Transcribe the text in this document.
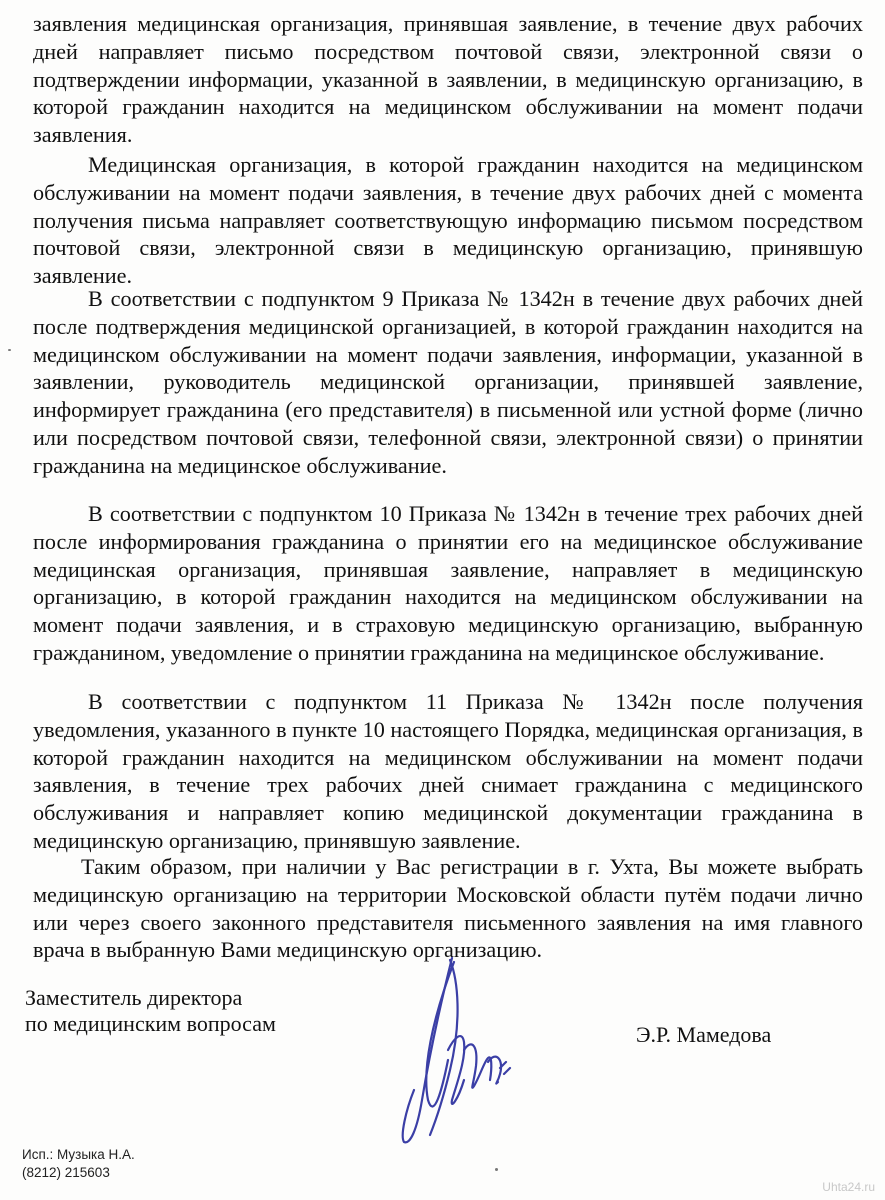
заявления медицинская организация, принявшая заявление, в течение двух рабочих дней направляет письмо посредством почтовой связи, электронной связи о подтверждении информации, указанной в заявлении, в медицинскую организацию, в которой гражданин находится на медицинском обслуживании на момент подачи заявления.

Медицинская организация, в которой гражданин находится на медицинском обслуживании на момент подачи заявления, в течение двух рабочих дней с момента получения письма направляет соответствующую информацию письмом посредством почтовой связи, электронной связи в медицинскую организацию, принявшую заявление.

В соответствии с подпунктом 9 Приказа № 1342н в течение двух рабочих дней после подтверждения медицинской организацией, в которой гражданин находится на медицинском обслуживании на момент подачи заявления, информации, указанной в заявлении, руководитель медицинской организации, принявшей заявление, информирует гражданина (его представителя) в письменной или устной форме (лично или посредством почтовой связи, телефонной связи, электронной связи) о принятии гражданина на медицинское обслуживание.

В соответствии с подпунктом 10 Приказа № 1342н в течение трех рабочих дней после информирования гражданина о принятии его на медицинское обслуживание медицинская организация, принявшая заявление, направляет в медицинскую организацию, в которой гражданин находится на медицинском обслуживании на момент подачи заявления, и в страховую медицинскую организацию, выбранную гражданином, уведомление о принятии гражданина на медицинское обслуживание.

В соответствии с подпунктом 11 Приказа № 1342н после получения уведомления, указанного в пункте 10 настоящего Порядка, медицинская организация, в которой гражданин находится на медицинском обслуживании на момент подачи заявления, в течение трех рабочих дней снимает гражданина с медицинского обслуживания и направляет копию медицинской документации гражданина в медицинскую организацию, принявшую заявление.

Таким образом, при наличии у Вас регистрации в г. Ухта, Вы можете выбрать медицинскую организацию на территории Московской области путём подачи лично или через своего законного представителя письменного заявления на имя главного врача в выбранную Вами медицинскую организацию.

Заместитель директора
по медицинским вопросам	Э.Р. Мамедова
Исп.: Музыка Н.А.
(8212) 215603
Uhta24.ru
